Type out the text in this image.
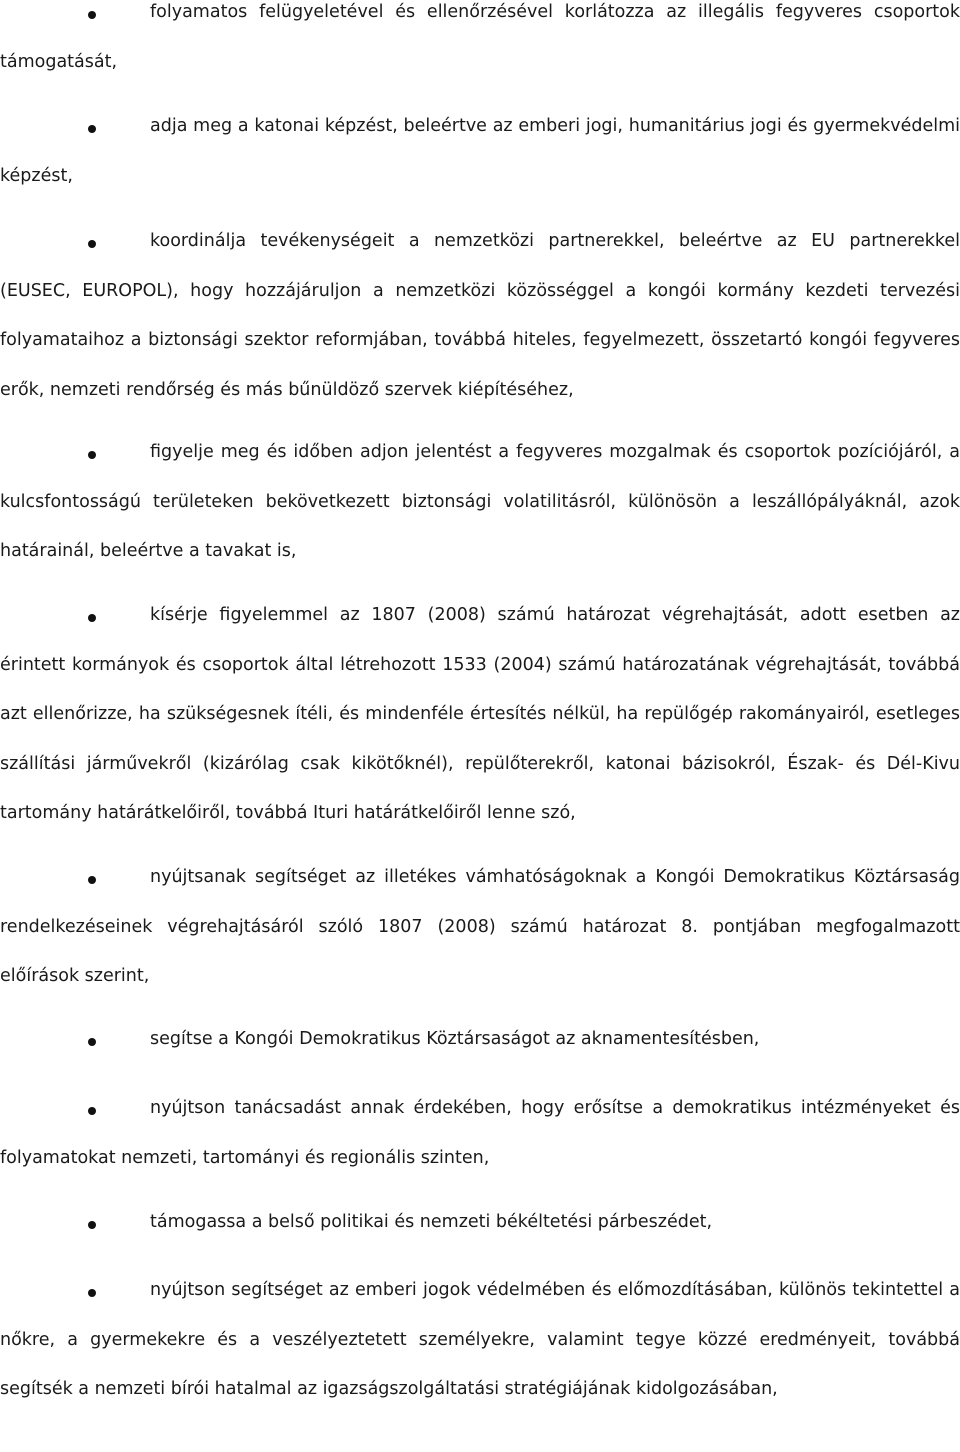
folyamatos felügyeletével és ellenőrzésével korlátozza az illegális fegyveres csoportok támogatását,
adja meg a katonai képzést, beleértve az emberi jogi, humanitárius jogi és gyermekvédelmi képzést,
koordinálja tevékenységeit a nemzetközi partnerekkel, beleértve az EU partnerekkel (EUSEC, EUROPOL), hogy hozzájáruljon a nemzetközi közösséggel a kongói kormány kezdeti tervezési folyamataihoz a biztonsági szektor reformjában, továbbá hiteles, fegyelmezett, összetartó kongói fegyveres erők, nemzeti rendőrség és más bűnüldöző szervek kiépítéséhez,
figyelje meg és időben adjon jelentést a fegyveres mozgalmak és csoportok pozíciójáról, a kulcsfontosságú területeken bekövetkezett biztonsági volatilitásról, különösön a leszállópályáknál, azok határainál, beleértve a tavakat is,
kísérje figyelemmel az 1807 (2008) számú határozat végrehajtását, adott esetben az érintett kormányok és csoportok által létrehozott 1533 (2004) számú határozatának végrehajtását, továbbá azt ellenőrizze, ha szükségesnek ítéli, és mindenféle értesítés nélkül, ha repülőgép rakományairól, esetleges szállítási járművekről (kizárólag csak kikötőknél), repülőterekről, katonai bázisokról, Észak- és Dél-Kivu tartomány határátkelőiről, továbbá Ituri határátkelőiről lenne szó,
nyújtsanak segítséget az illetékes vámhatóságoknak a Kongói Demokratikus Köztársaság rendelkezéseinek végrehajtásáról szóló 1807 (2008) számú határozat 8. pontjában megfogalmazott előírások szerint,
segítse a Kongói Demokratikus Köztársaságot az aknamentesítésben,
nyújtson tanácsadást annak érdekében, hogy erősítse a demokratikus intézményeket és folyamatokat nemzeti, tartományi és regionális szinten,
támogassa a belső politikai és nemzeti békéltetési párbeszédet,
nyújtson segítséget az emberi jogok védelmében és előmozdításában, különös tekintettel a nőkre, a gyermekekre és a veszélyeztetett személyekre, valamint tegye közzé eredményeit, továbbá segítsék a nemzeti bírói hatalmal az igazságszolgáltatási stratégiájának kidolgozásában,
